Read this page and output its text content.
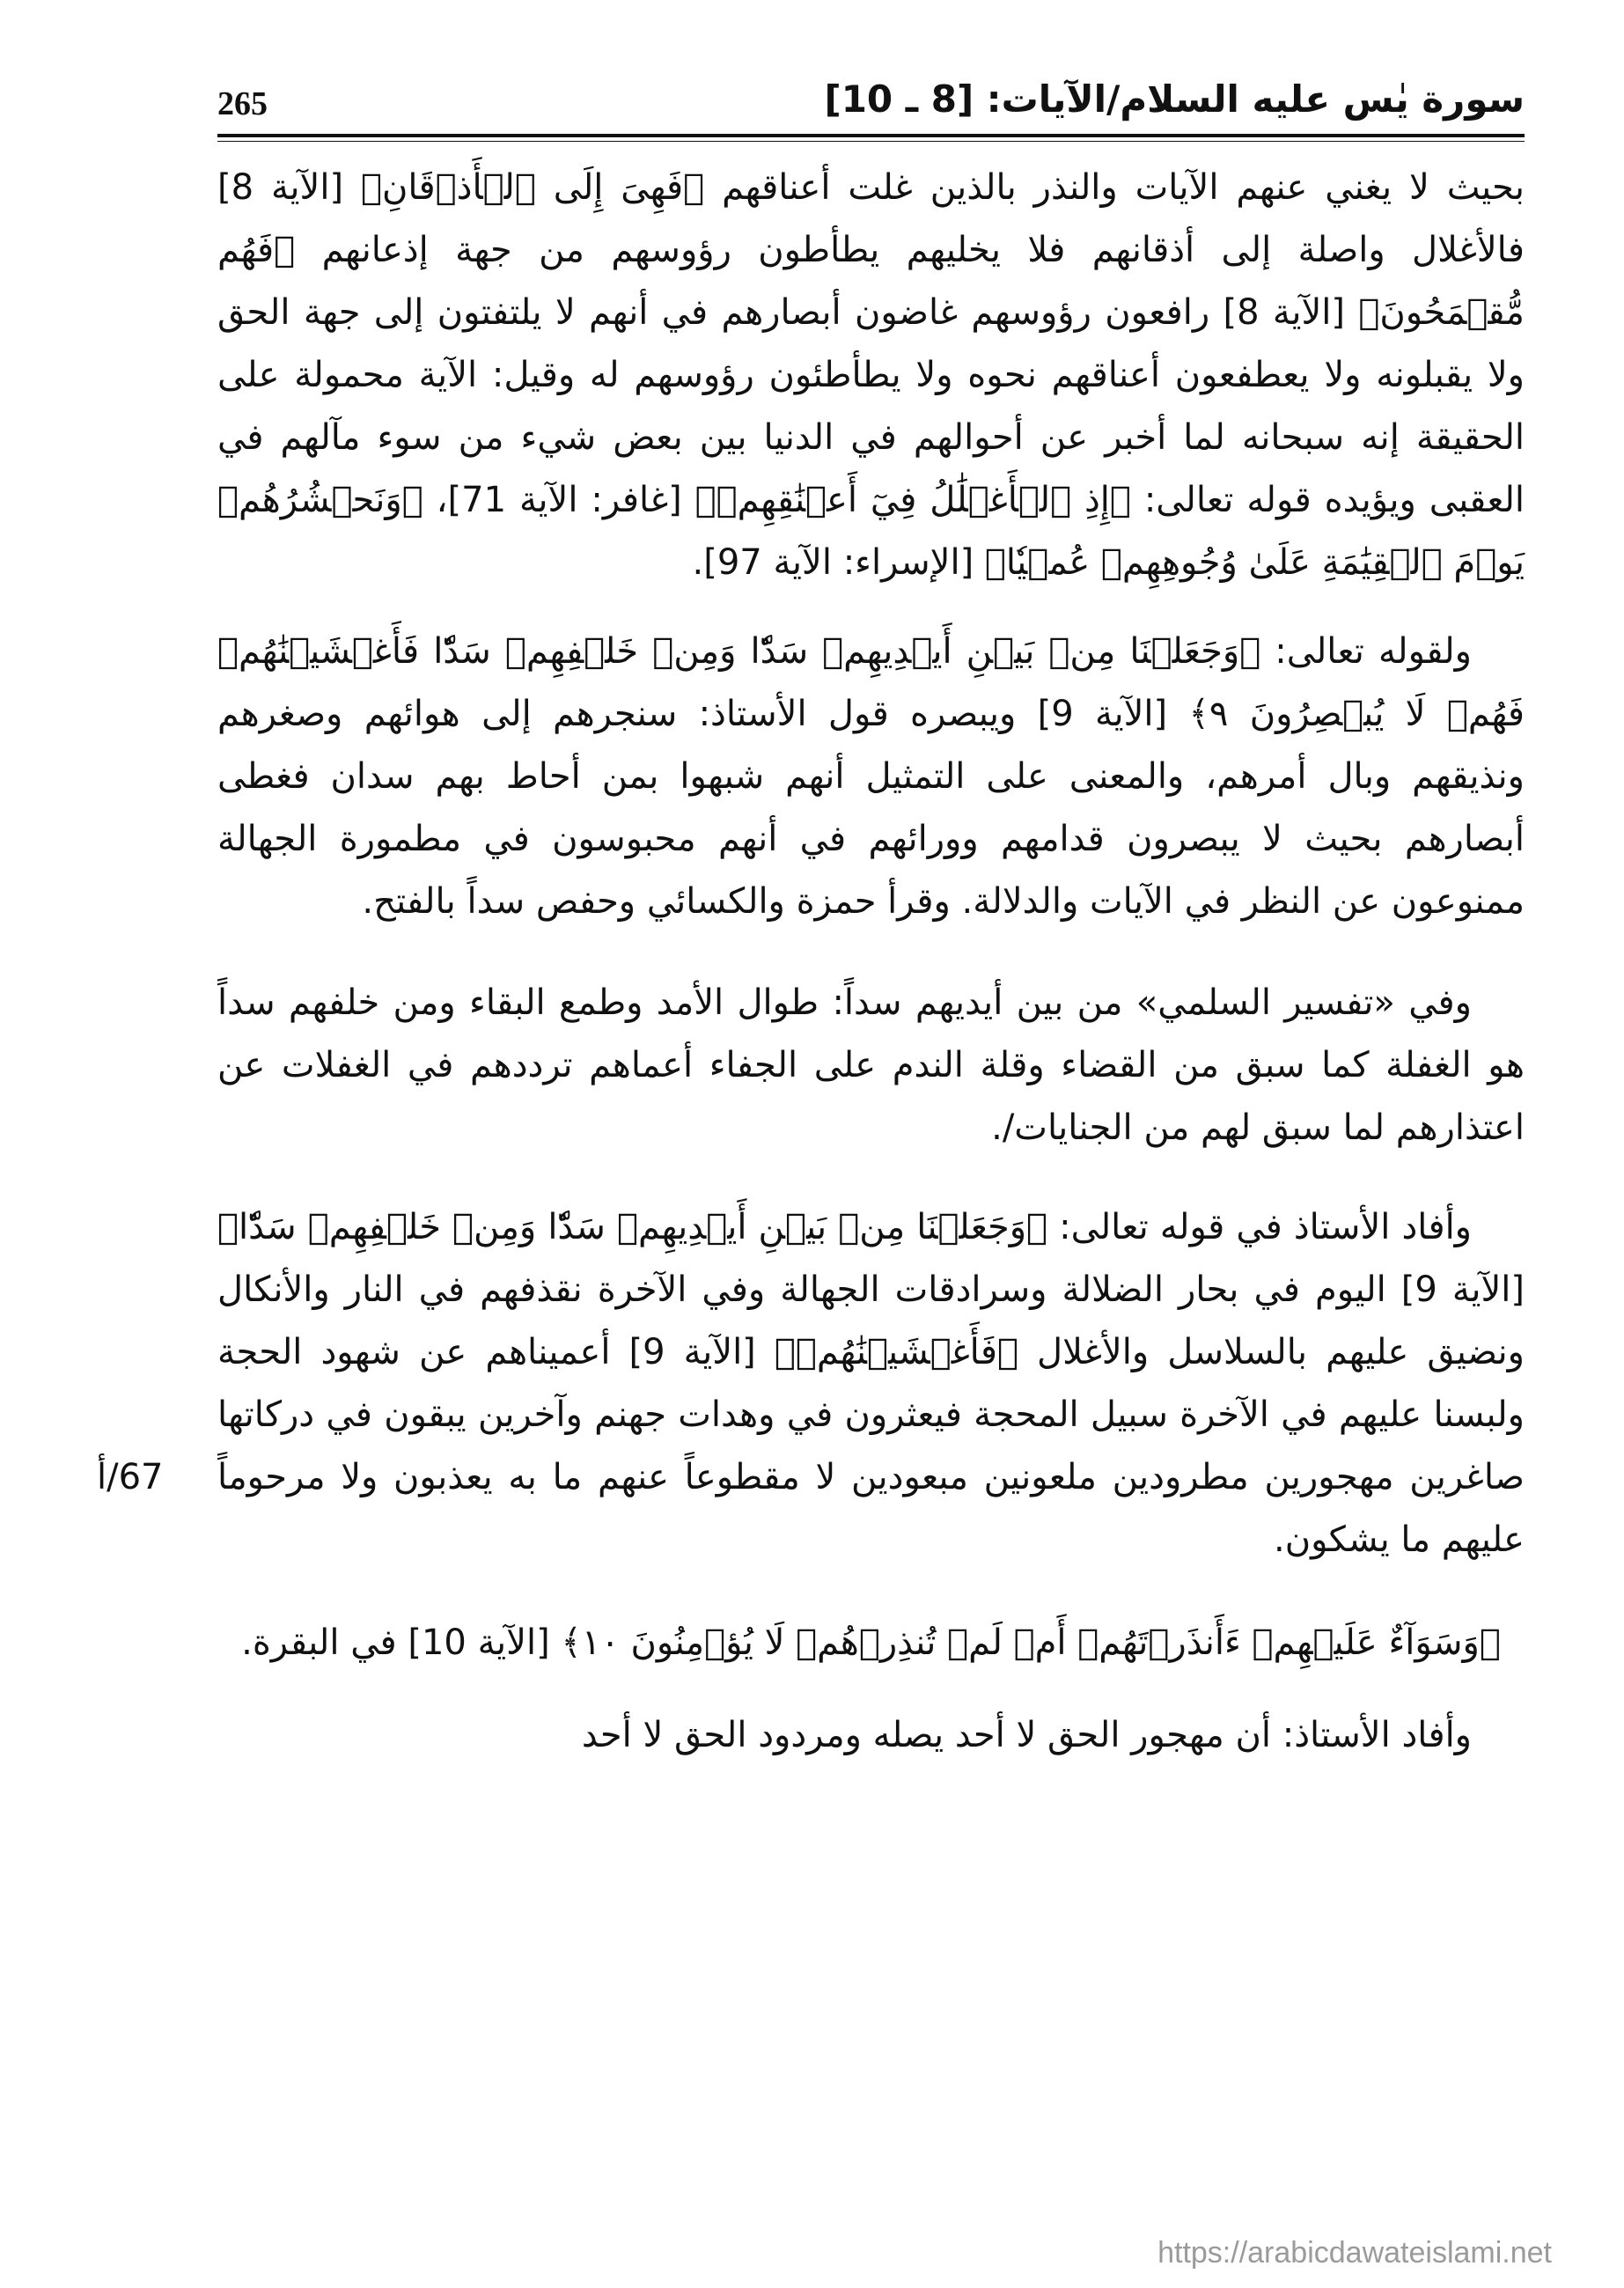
265	سورة يٰس عليه السلام/الآيات: [8 ـ 10]

بحيث لا يغني عنهم الآيات والنذر بالذين غلت أعناقهم ﴿فَهِىَ إِلَى ٱلۡأَذۡقَانِ﴾ [الآية 8] فالأغلال واصلة إلى أذقانهم فلا يخليهم يطأطون رؤوسهم من جهة إذعانهم ﴿فَهُم مُّقۡمَحُونَ﴾ [الآية 8] رافعون رؤوسهم غاضون أبصارهم في أنهم لا يلتفتون إلى جهة الحق ولا يقبلونه ولا يعطفعون أعناقهم نحوه ولا يطأطئون رؤوسهم له وقيل: الآية محمولة على الحقيقة إنه سبحانه لما أخبر عن أحوالهم في الدنيا بين بعض شيء من سوء مآلهم في العقبى ويؤيده قوله تعالى: ﴿إِذِ ٱلۡأَغۡلَٰلُ فِيٓ أَعۡنَٰقِهِمۡ﴾ [غافر: الآية 71]، ﴿وَنَحۡشُرُهُمۡ يَوۡمَ ٱلۡقِيَٰمَةِ عَلَىٰ وُجُوهِهِمۡ عُمۡيٗا﴾ [الإسراء: الآية 97].

ولقوله تعالى: ﴿وَجَعَلۡنَا مِنۢ بَيۡنِ أَيۡدِيهِمۡ سَدّٗا وَمِنۡ خَلۡفِهِمۡ سَدّٗا فَأَغۡشَيۡنَٰهُمۡ فَهُمۡ لَا يُبۡصِرُونَ ٩﴾ [الآية 9] ويبصره قول الأستاذ: سنجرهم إلى هوائهم وصغرهم ونذيقهم وبال أمرهم، والمعنى على التمثيل أنهم شبهوا بمن أحاط بهم سدان فغطى أبصارهم بحيث لا يبصرون قدامهم وورائهم في أنهم محبوسون في مطمورة الجهالة ممنوعون عن النظر في الآيات والدلالة. وقرأ حمزة والكسائي وحفص سداً بالفتح.

وفي «تفسير السلمي» من بين أيديهم سداً: طوال الأمد وطمع البقاء ومن خلفهم سداً هو الغفلة كما سبق من القضاء وقلة الندم على الجفاء أعماهم ترددهم في الغفلات عن اعتذارهم لما سبق لهم من الجنايات/.

وأفاد الأستاذ في قوله تعالى: ﴿وَجَعَلۡنَا مِنۢ بَيۡنِ أَيۡدِيهِمۡ سَدّٗا وَمِنۡ خَلۡفِهِمۡ سَدّٗا﴾ [الآية 9] اليوم في بحار الضلالة وسرادقات الجهالة وفي الآخرة نقذفهم في النار والأنكال ونضيق عليهم بالسلاسل والأغلال ﴿فَأَغۡشَيۡنَٰهُمۡ﴾ [الآية 9] أعميناهم عن شهود الحجة ولبسنا عليهم في الآخرة سبيل المحجة فيعثرون في وهدات جهنم وآخرين يبقون في دركاتها صاغرين مهجورين مطرودين ملعونين مبعودين لا مقطوعاً عنهم ما به يعذبون ولا مرحوماً عليهم ما يشكون.

﴿وَسَوَآءٌ عَلَيۡهِمۡ ءَأَنذَرۡتَهُمۡ أَمۡ لَمۡ تُنذِرۡهُمۡ لَا يُؤۡمِنُونَ ١٠﴾ [الآية 10] في البقرة.

وأفاد الأستاذ: أن مهجور الحق لا أحد يصله ومردود الحق لا أحد

67/أ
https://arabicdawateislami.net
